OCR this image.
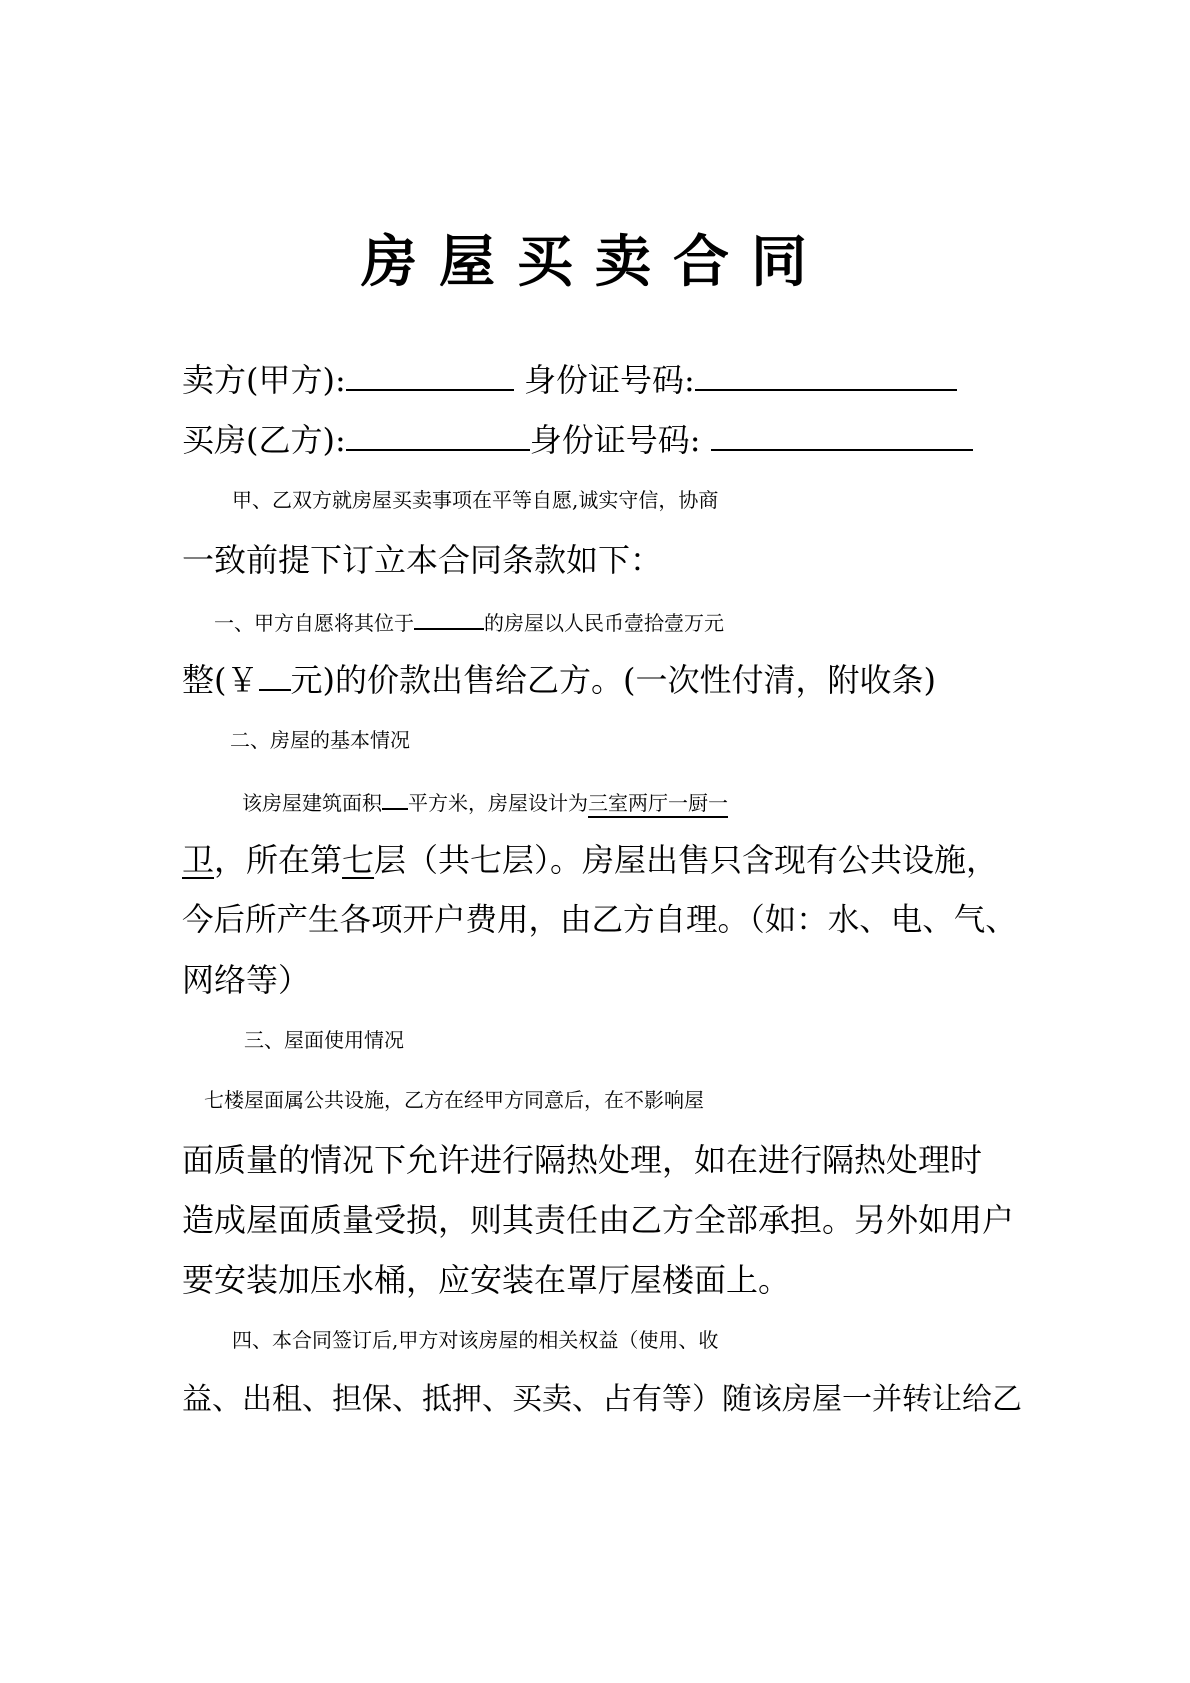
房屋买卖合同
卖方(甲方):	身份证号码:
买房(乙方):	身份证号码:
甲、乙双方就房屋买卖事项在平等自愿,诚实守信，协商
一致前提下订立本合同条款如下：
一、甲方自愿将其位于	的房屋以人民币壹拾壹万元
整(￥ 元)的价款出售给乙方。(一次性付清，附收条)
二、房屋的基本情况
该房屋建筑面积 平方米，房屋设计为三室两厅一厨一
卫，所在第七层（共七层）。房屋出售只含现有公共设施，
今后所产生各项开户费用，由乙方自理。（如：水、电、气、
网络等）
三、屋面使用情况
七楼屋面属公共设施，乙方在经甲方同意后，在不影响屋
面质量的情况下允许进行隔热处理，如在进行隔热处理时
造成屋面质量受损，则其责任由乙方全部承担。另外如用户
要安装加压水桶，应安装在罩厅屋楼面上。
四、本合同签订后,甲方对该房屋的相关权益（使用、收
益、出租、担保、抵押、买卖、占有等）随该房屋一并转让给乙
